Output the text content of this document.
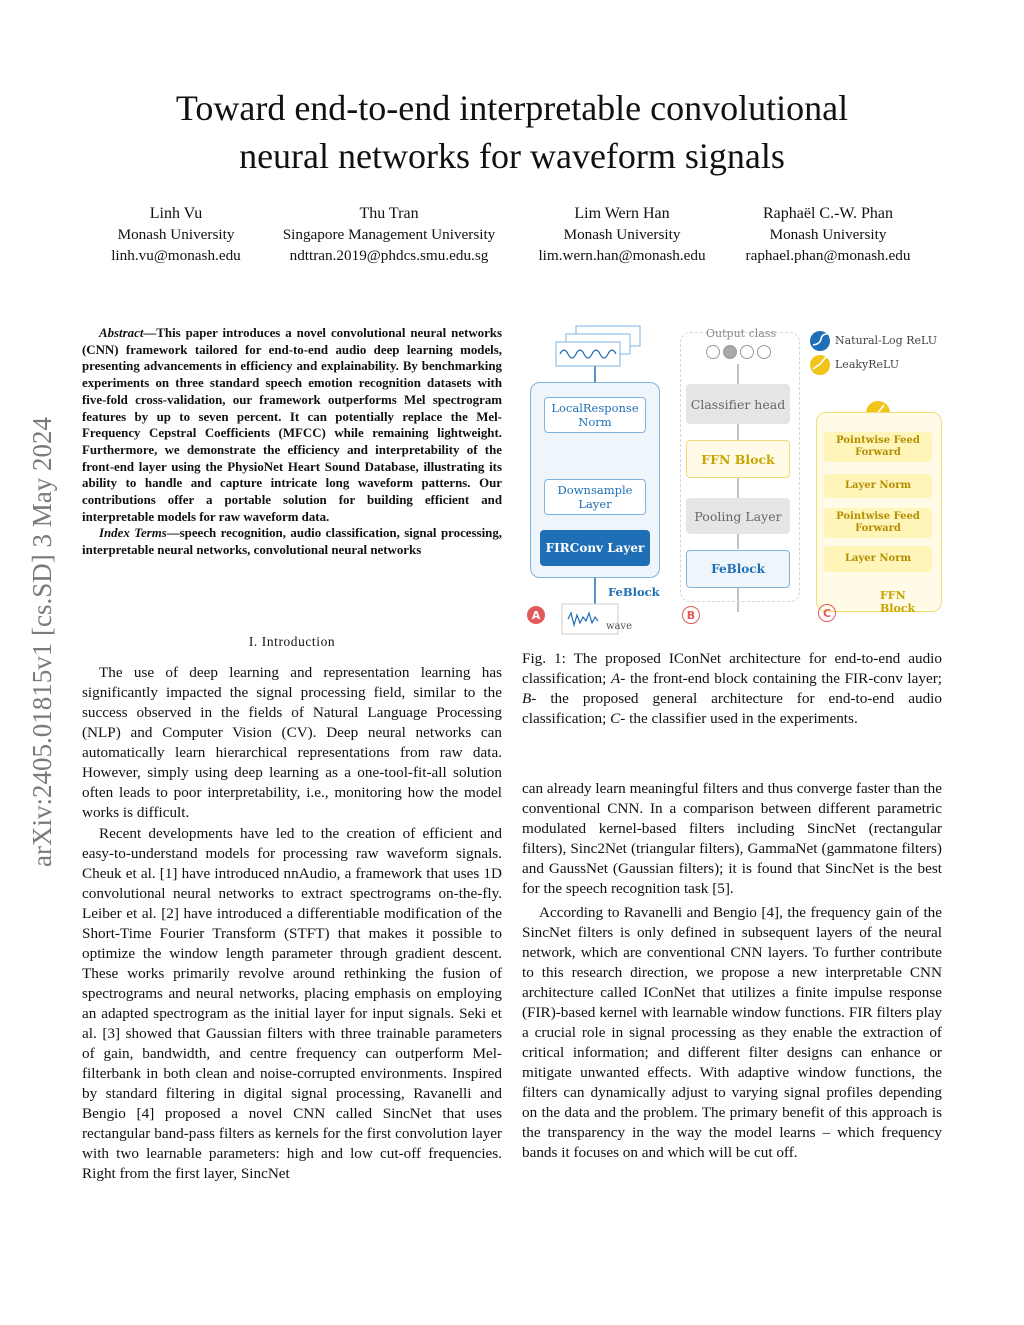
arXiv:2405.01815v1 [cs.SD] 3 May 2024
Toward end-to-end interpretable convolutional
neural networks for waveform signals
Linh Vu
Monash University
linh.vu@monash.edu
Thu Tran
Singapore Management University
ndttran.2019@phdcs.smu.edu.sg
Lim Wern Han
Monash University
lim.wern.han@monash.edu
Raphaël C.-W. Phan
Monash University
raphael.phan@monash.edu

Abstract—This paper introduces a novel convolutional neural networks (CNN) framework tailored for end-to-end audio deep learning models, presenting advancements in efficiency and explainability. By benchmarking experiments on three standard speech emotion recognition datasets with five-fold cross-validation, our framework outperforms Mel spectrogram features by up to seven percent. It can potentially replace the Mel-Frequency Cepstral Coefficients (MFCC) while remaining lightweight. Furthermore, we demonstrate the efficiency and interpretability of the front-end layer using the PhysioNet Heart Sound Database, illustrating its ability to handle and capture intricate long waveform patterns. Our contributions offer a portable solution for building efficient and interpretable models for raw waveform data.

Index Terms—speech recognition, audio classification, signal processing, interpretable neural networks, convolutional neural networks

I. Introduction

The use of deep learning and representation learning has significantly impacted the signal processing field, similar to the success observed in the fields of Natural Language Processing (NLP) and Computer Vision (CV). Deep neural networks can automatically learn hierarchical representations from raw data. However, simply using deep learning as a one-tool-fit-all solution often leads to poor interpretability, i.e., monitoring how the model works is difficult.

Recent developments have led to the creation of efficient and easy-to-understand models for processing raw waveform signals. Cheuk et al. [1] have introduced nnAudio, a framework that uses 1D convolutional neural networks to extract spectrograms on-the-fly. Leiber et al. [2] have introduced a differentiable modification of the Short-Time Fourier Transform (STFT) that makes it possible to optimize the window length parameter through gradient descent. These works primarily revolve around rethinking the fusion of spectrograms and neural networks, placing emphasis on employing an adapted spectrogram as the initial layer for input signals. Seki et al. [3] showed that Gaussian filters with three trainable parameters of gain, bandwidth, and centre frequency can outperform Mel-filterbank in both clean and noise-corrupted environments. Inspired by standard filtering in digital signal processing, Ravanelli and Bengio [4] proposed a novel CNN called SincNet that uses rectangular band-pass filters as kernels for the first convolution layer with two learnable parameters: high and low cut-off frequencies. Right from the first layer, SincNet

LocalResponse Norm
Downsample Layer
FIRConv Layer
FeBlock
wave
Output class
Classifier head
FFN Block
Pooling Layer
FeBlock
Pointwise Feed Forward
Layer Norm
Pointwise Feed Forward
Layer Norm
FFN Block
Natural-Log ReLU
LeakyReLU
A	B	C
Fig. 1: The proposed IConNet architecture for end-to-end audio classification; A- the front-end block containing the FIR-conv layer; B- the proposed general architecture for end-to-end audio classification; C- the classifier used in the experiments.

can already learn meaningful filters and thus converge faster than the conventional CNN. In a comparison between different parametric modulated kernel-based filters including SincNet (rectangular filters), Sinc2Net (triangular filters), GammaNet (gammatone filters) and GaussNet (Gaussian filters); it is found that SincNet is the best for the speech recognition task [5].

According to Ravanelli and Bengio [4], the frequency gain of the SincNet filters is only defined in subsequent layers of the neural network, which are conventional CNN layers. To further contribute to this research direction, we propose a new interpretable CNN architecture called IConNet that utilizes a finite impulse response (FIR)-based kernel with learnable window functions. FIR filters play a crucial role in signal processing as they enable the extraction of critical information; and different filter designs can enhance or mitigate unwanted effects. With adaptive window functions, the filters can dynamically adjust to varying signal profiles depending on the data and the problem. The primary benefit of this approach is the transparency in the way the model learns – which frequency bands it focuses on and which will be cut off.
